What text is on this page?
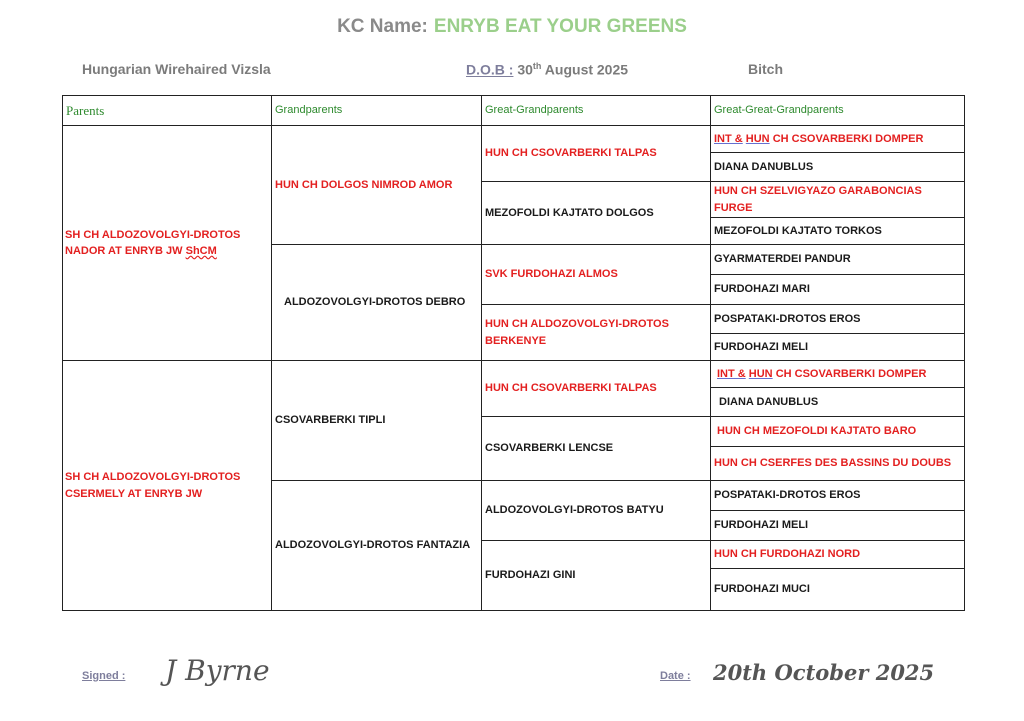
KC Name: ENRYB EAT YOUR GREENS
Hungarian Wirehaired Vizsla	D.O.B : 30th August 2025	Bitch
Parents	Grandparents	Great-Grandparents	Great-Great-Grandparents
SH CH ALDOZOVOLGYI-DROTOS NADOR AT ENRYB JW ShCM	HUN CH DOLGOS NIMROD AMOR	HUN CH CSOVARBERKI TALPAS	INT & HUN CH CSOVARBERKI DOMPER
			DIANA DANUBLUS
		MEZOFOLDI KAJTATO DOLGOS	HUN CH SZELVIGYAZO GARABONCIAS FURGE
			MEZOFOLDI KAJTATO TORKOS
	ALDOZOVOLGYI-DROTOS DEBRO	SVK FURDOHAZI ALMOS	GYARMATERDEI PANDUR
			FURDOHAZI MARI
		HUN CH ALDOZOVOLGYI-DROTOS BERKENYE	POSPATAKI-DROTOS EROS
			FURDOHAZI MELI
SH CH ALDOZOVOLGYI-DROTOS CSERMELY AT ENRYB JW	CSOVARBERKI TIPLI	HUN CH CSOVARBERKI TALPAS	INT & HUN CH CSOVARBERKI DOMPER
			DIANA DANUBLUS
		CSOVARBERKI LENCSE	HUN CH MEZOFOLDI KAJTATO BARO
			HUN CH CSERFES DES BASSINS DU DOUBS
	ALDOZOVOLGYI-DROTOS FANTAZIA	ALDOZOVOLGYI-DROTOS BATYU	POSPATAKI-DROTOS EROS
			FURDOHAZI MELI
		FURDOHAZI GINI	HUN CH FURDOHAZI NORD
			FURDOHAZI MUCI
Signed : J Byrne	Date : 20th October 2025
